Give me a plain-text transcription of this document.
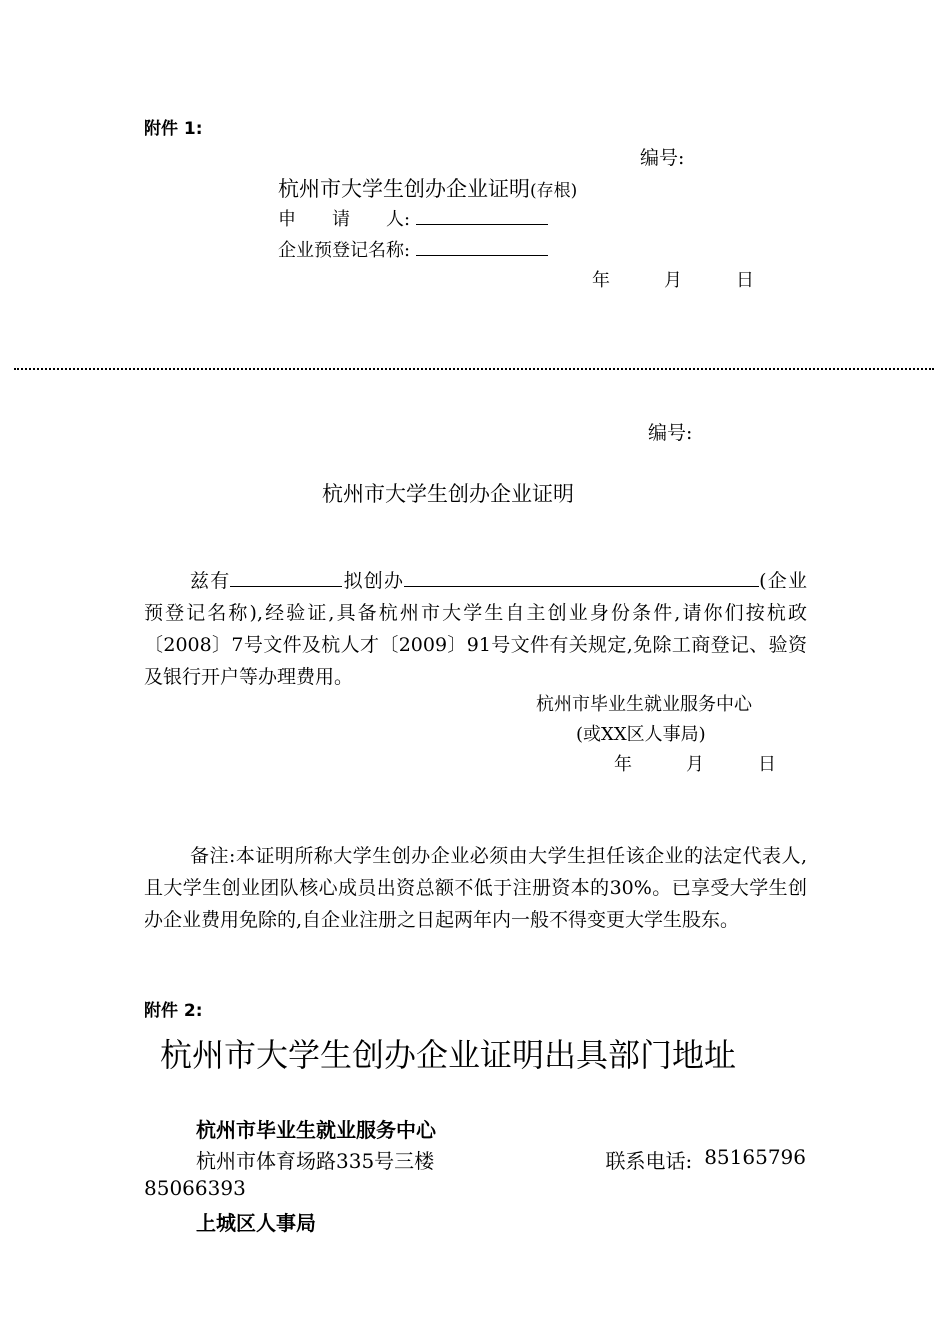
附件 1:
编号:
杭州市大学生创办企业证明(存根)
申　　请　　人:
企业预登记名称:
年　　　月　　　日
编号:
杭州市大学生创办企业证明
兹有	拟创办	(企业预登记名称),经验证,具备杭州市大学生自主创业身份条件,请你们按杭政〔2008〕7号文件及杭人才〔2009〕91号文件有关规定,免除工商登记、验资及银行开户等办理费用。
杭州市毕业生就业服务中心
(或XX区人事局)
年　　　月　　　日
备注:本证明所称大学生创办企业必须由大学生担任该企业的法定代表人,且大学生创业团队核心成员出资总额不低于注册资本的30%。已享受大学生创办企业费用免除的,自企业注册之日起两年内一般不得变更大学生股东。
附件 2:
杭州市大学生创办企业证明出具部门地址
杭州市毕业生就业服务中心
杭州市体育场路335号三楼	联系电话: 85165796
85066393
上城区人事局
